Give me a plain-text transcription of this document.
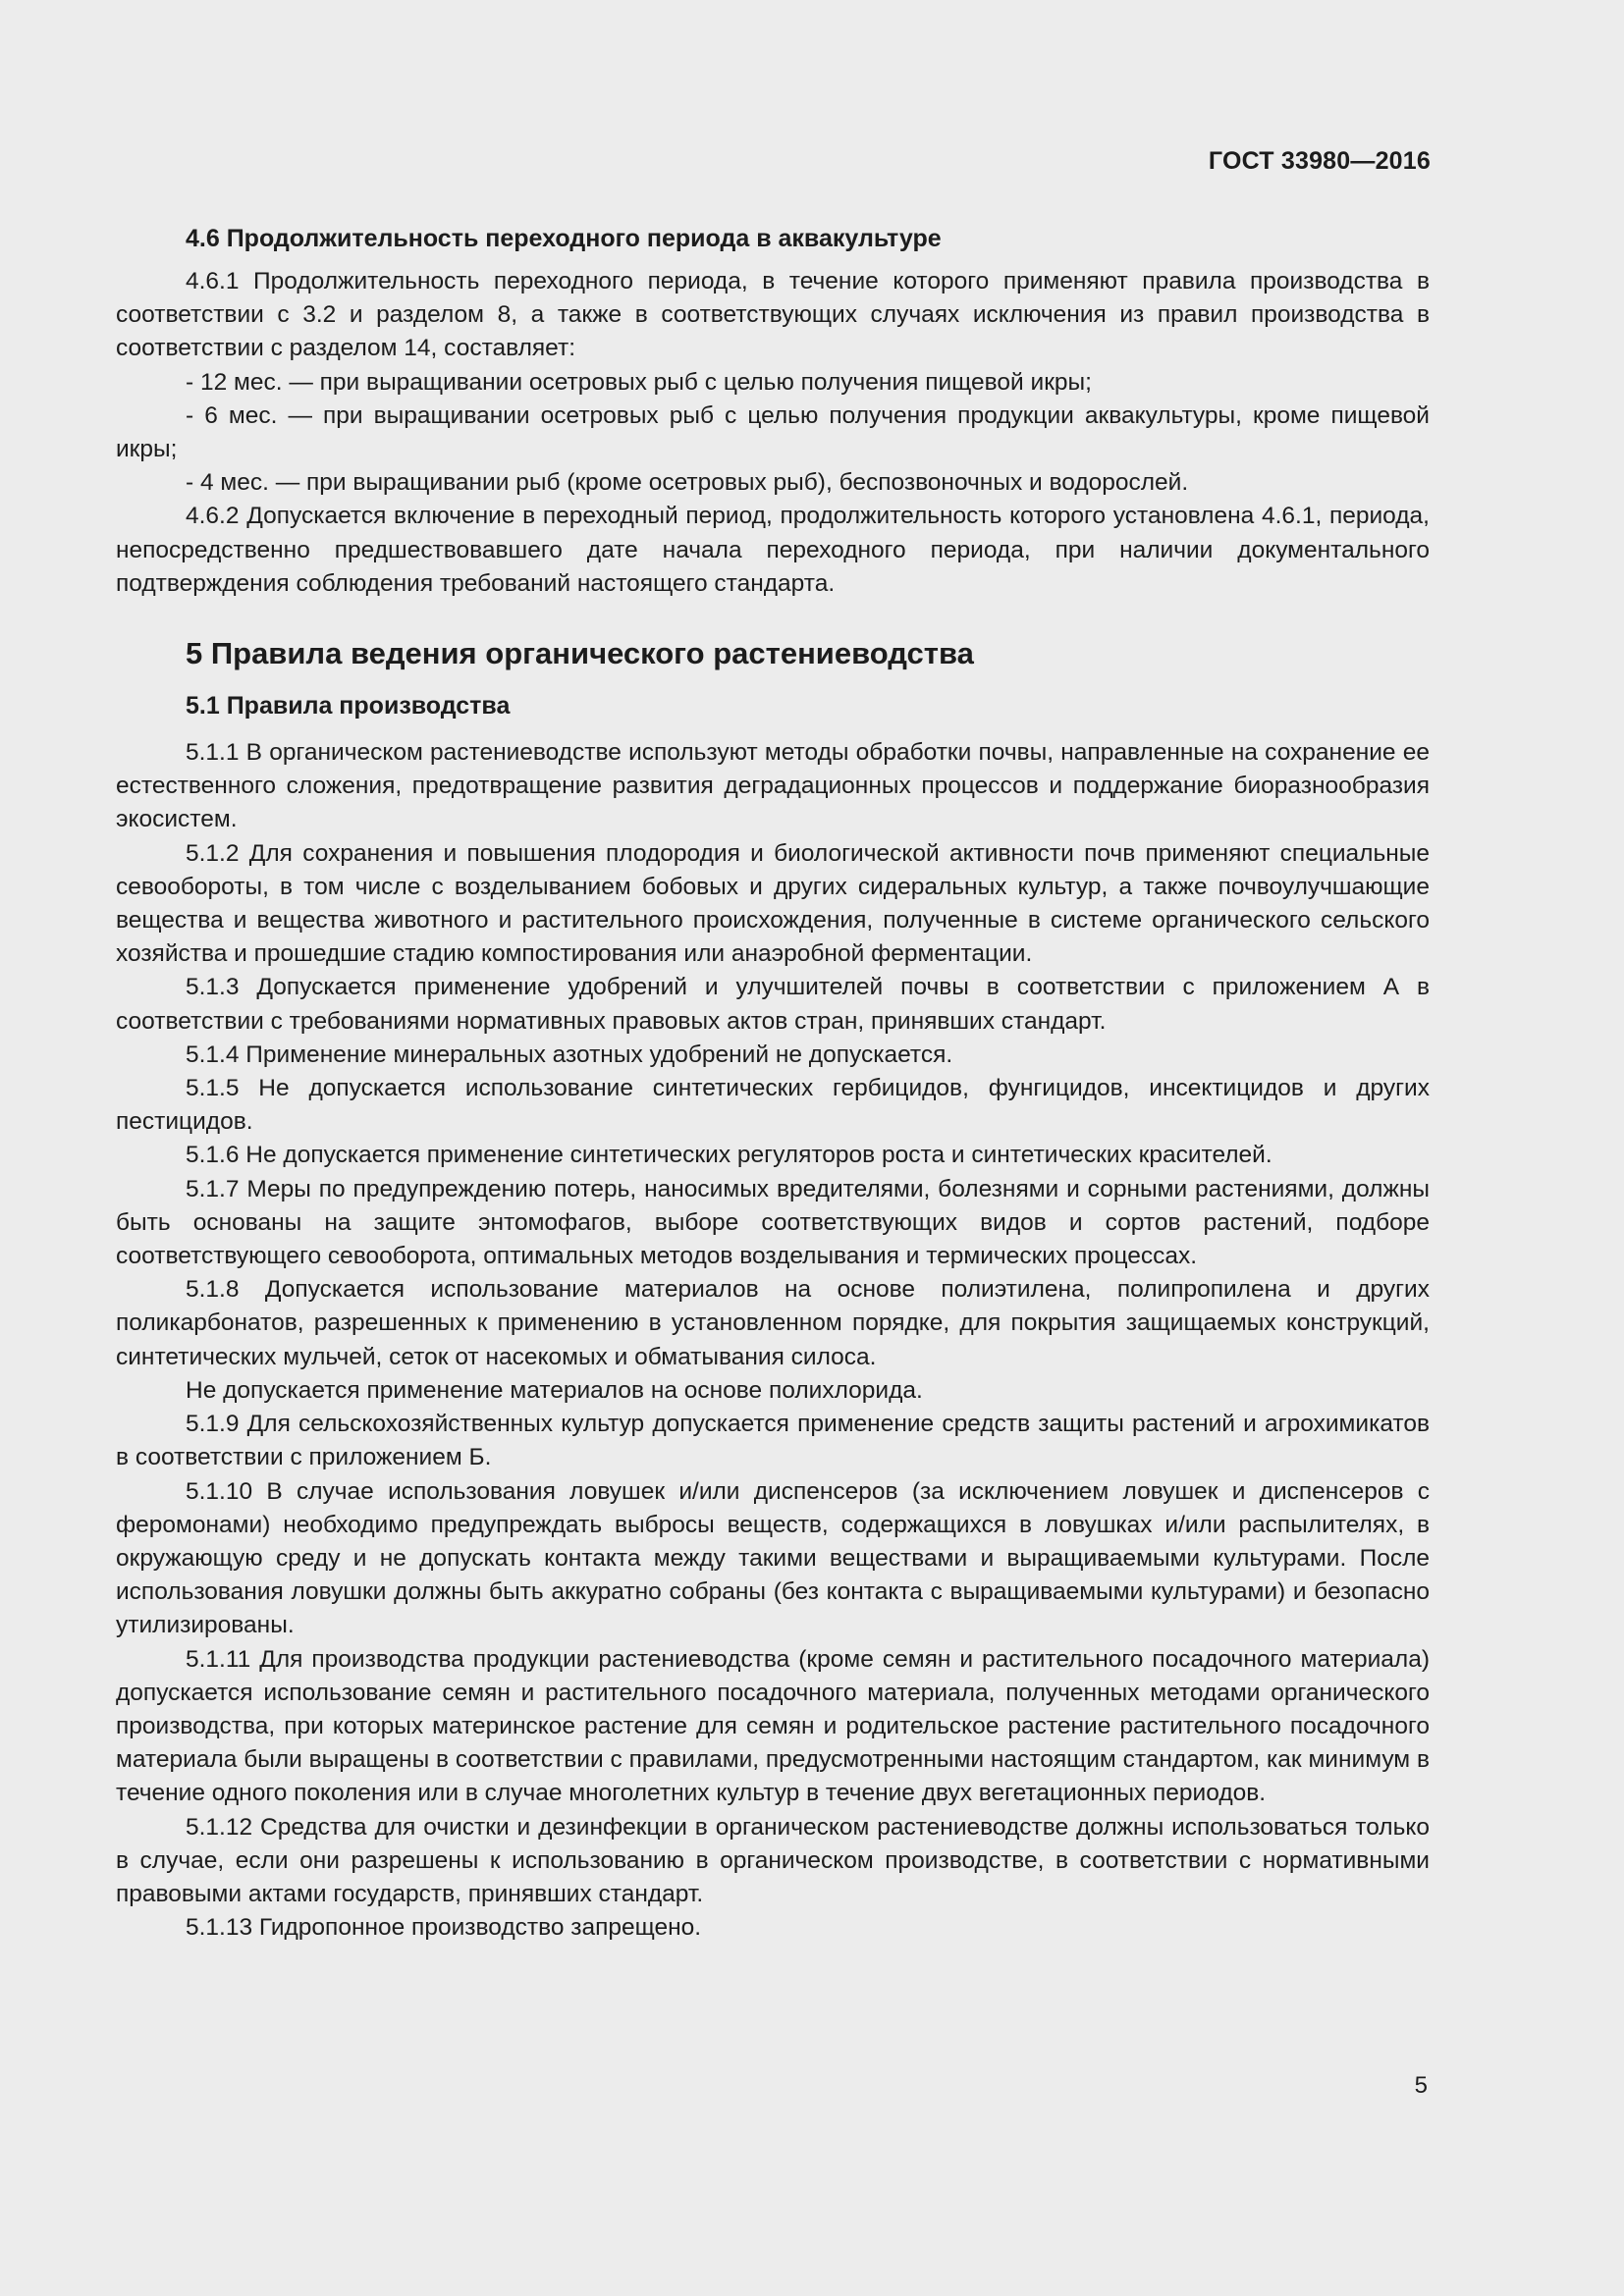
ГОСТ 33980—2016
4.6 Продолжительность переходного периода в аквакультуре

4.6.1 Продолжительность переходного периода, в течение которого применяют правила производства в соответствии с 3.2 и разделом 8, а также в соответствующих случаях исключения из правил производства в соответствии с разделом 14, составляет:

- 12 мес. — при выращивании осетровых рыб с целью получения пищевой икры;

- 6 мес. — при выращивании осетровых рыб с целью получения продукции аквакультуры, кроме пищевой икры;

- 4 мес. — при выращивании рыб (кроме осетровых рыб), беспозвоночных и водорослей.

4.6.2 Допускается включение в переходный период, продолжительность которого установлена 4.6.1, периода, непосредственно предшествовавшего дате начала переходного периода, при наличии документального подтверждения соблюдения требований настоящего стандарта.

5 Правила ведения органического растениеводства
5.1 Правила производства

5.1.1 В органическом растениеводстве используют методы обработки почвы, направленные на сохранение ее естественного сложения, предотвращение развития деградационных процессов и поддержание биоразнообразия экосистем.

5.1.2 Для сохранения и повышения плодородия и биологической активности почв применяют специальные севообороты, в том числе с возделыванием бобовых и других сидеральных культур, а также почвоулучшающие вещества и вещества животного и растительного происхождения, полученные в системе органического сельского хозяйства и прошедшие стадию компостирования или анаэробной ферментации.

5.1.3 Допускается применение удобрений и улучшителей почвы в соответствии с приложением А в соответствии с требованиями нормативных правовых актов стран, принявших стандарт.

5.1.4 Применение минеральных азотных удобрений не допускается.

5.1.5 Не допускается использование синтетических гербицидов, фунгицидов, инсектицидов и других пестицидов.

5.1.6 Не допускается применение синтетических регуляторов роста и синтетических красителей.

5.1.7 Меры по предупреждению потерь, наносимых вредителями, болезнями и сорными растениями, должны быть основаны на защите энтомофагов, выборе соответствующих видов и сортов растений, подборе соответствующего севооборота, оптимальных методов возделывания и термических процессах.

5.1.8 Допускается использование материалов на основе полиэтилена, полипропилена и других поликарбонатов, разрешенных к применению в установленном порядке, для покрытия защищаемых конструкций, синтетических мульчей, сеток от насекомых и обматывания силоса.

Не допускается применение материалов на основе полихлорида.

5.1.9 Для сельскохозяйственных культур допускается применение средств защиты растений и агрохимикатов в соответствии с приложением Б.

5.1.10 В случае использования ловушек и/или диспенсеров (за исключением ловушек и диспенсеров с феромонами) необходимо предупреждать выбросы веществ, содержащихся в ловушках и/или распылителях, в окружающую среду и не допускать контакта между такими веществами и выращиваемыми культурами. После использования ловушки должны быть аккуратно собраны (без контакта с выращиваемыми культурами) и безопасно утилизированы.

5.1.11 Для производства продукции растениеводства (кроме семян и растительного посадочного материала) допускается использование семян и растительного посадочного материала, полученных методами органического производства, при которых материнское растение для семян и родительское растение растительного посадочного материала были выращены в соответствии с правилами, предусмотренными настоящим стандартом, как минимум в течение одного поколения или в случае многолетних культур в течение двух вегетационных периодов.

5.1.12 Средства для очистки и дезинфекции в органическом растениеводстве должны использоваться только в случае, если они разрешены к использованию в органическом производстве, в соответствии с нормативными правовыми актами государств, принявших стандарт.

5.1.13 Гидропонное производство запрещено.

5
